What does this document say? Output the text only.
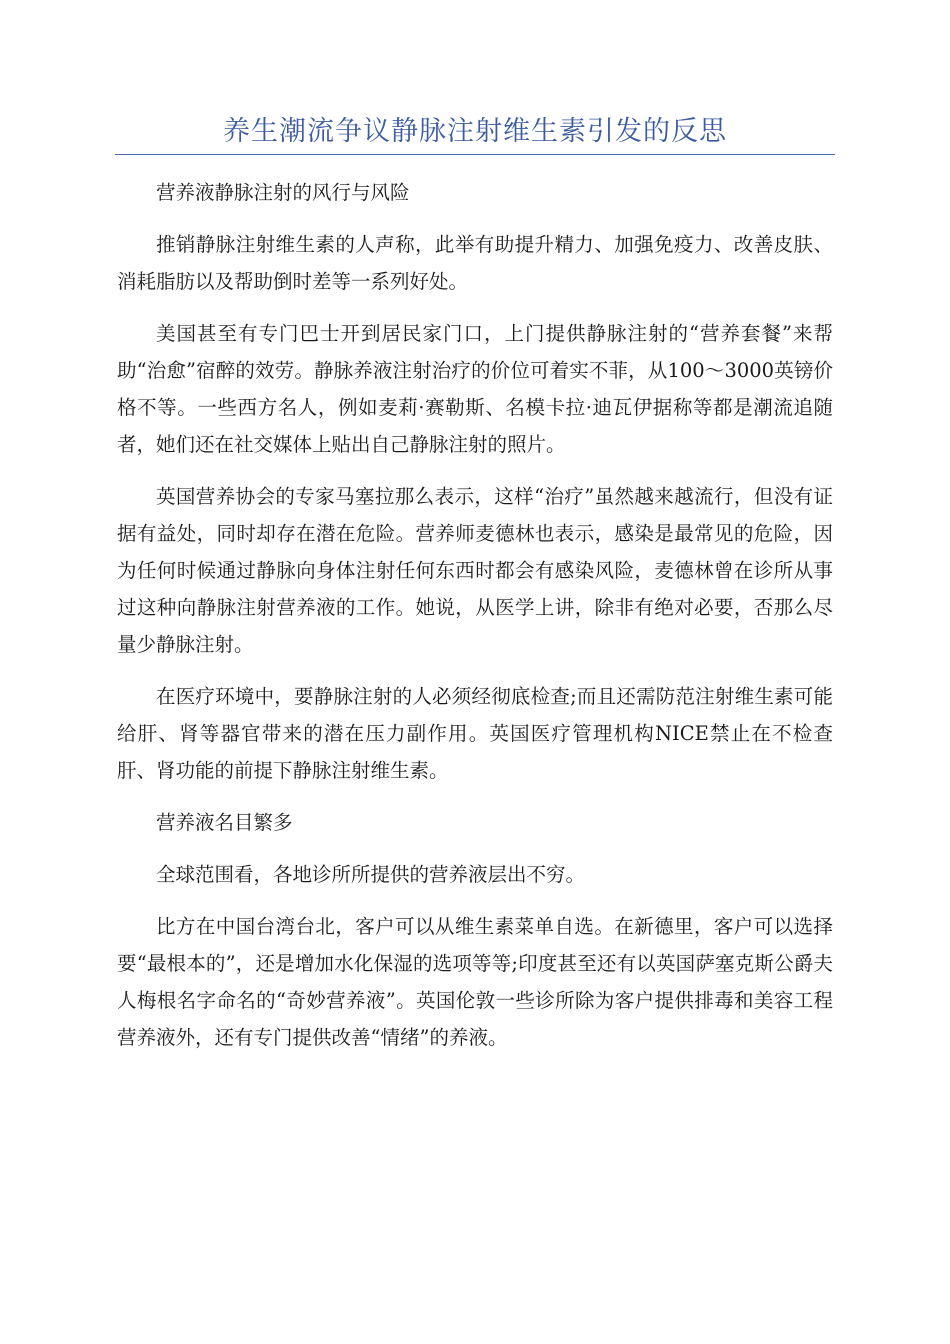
养生潮流争议静脉注射维生素引发的反思

营养液静脉注射的风行与风险

推销静脉注射维生素的人声称，此举有助提升精力、加强免疫力、改善皮肤、消耗脂肪以及帮助倒时差等一系列好处。

美国甚至有专门巴士开到居民家门口，上门提供静脉注射的“营养套餐”来帮助“治愈”宿醉的效劳。静脉养液注射治疗的价位可着实不菲，从100～3000英镑价格不等。一些西方名人，例如麦莉·赛勒斯、名模卡拉·迪瓦伊据称等都是潮流追随者，她们还在社交媒体上贴出自己静脉注射的照片。

英国营养协会的专家马塞拉那么表示，这样“治疗”虽然越来越流行，但没有证据有益处，同时却存在潜在危险。营养师麦德林也表示，感染是最常见的危险，因为任何时候通过静脉向身体注射任何东西时都会有感染风险，麦德林曾在诊所从事过这种向静脉注射营养液的工作。她说，从医学上讲，除非有绝对必要，否那么尽量少静脉注射。

在医疗环境中，要静脉注射的人必须经彻底检查;而且还需防范注射维生素可能给肝、肾等器官带来的潜在压力副作用。英国医疗管理机构NICE禁止在不检查肝、肾功能的前提下静脉注射维生素。

营养液名目繁多

全球范围看，各地诊所所提供的营养液层出不穷。

比方在中国台湾台北，客户可以从维生素菜单自选。在新德里，客户可以选择要“最根本的”，还是增加水化保湿的选项等等;印度甚至还有以英国萨塞克斯公爵夫人梅根名字命名的“奇妙营养液”。英国伦敦一些诊所除为客户提供排毒和美容工程营养液外，还有专门提供改善“情绪”的养液。
